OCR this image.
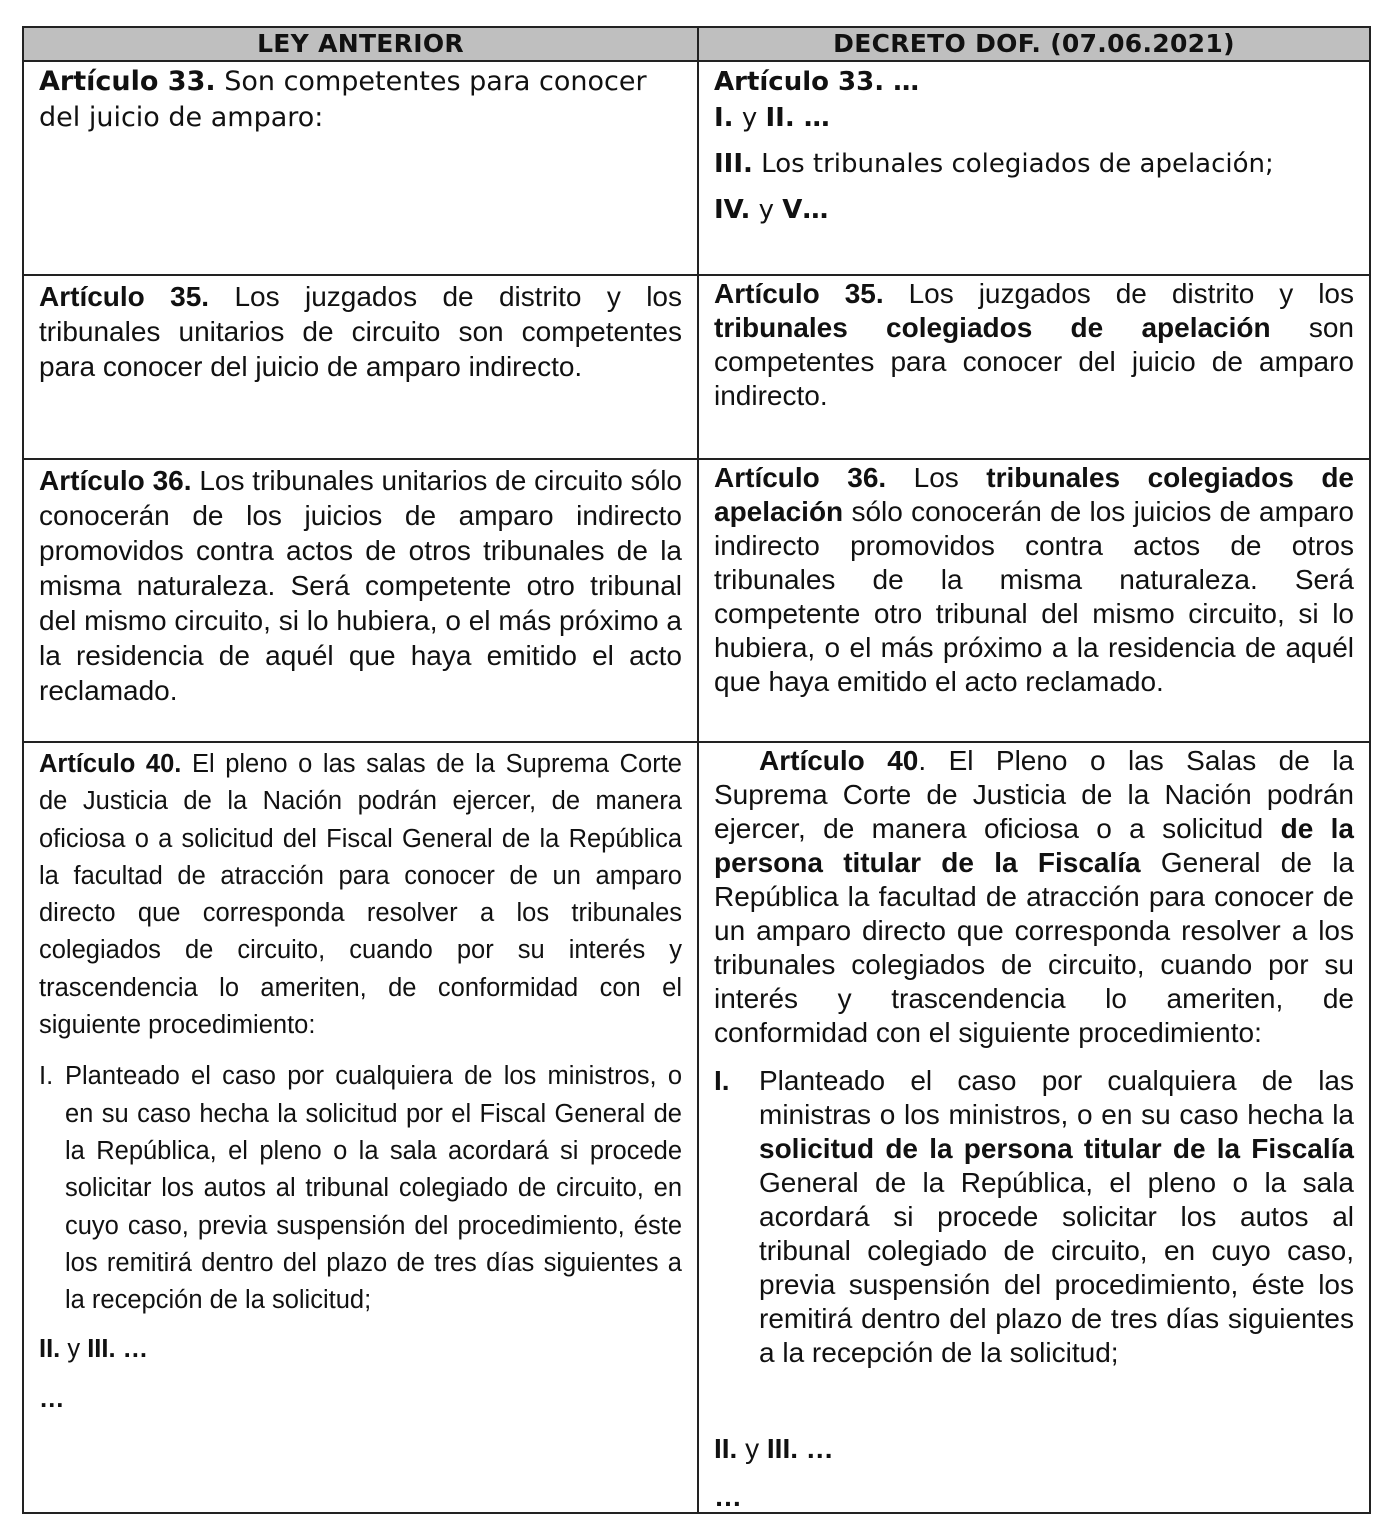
LEY ANTERIOR	DECRETO DOF. (07.06.2021)

Artículo 33. Son competentes para conocer del juicio de amparo:

Artículo 33. …

I. y II. …

III. Los tribunales colegiados de apelación;

IV. y V…

Artículo 35. Los juzgados de distrito y los tribunales unitarios de circuito son competentes para conocer del juicio de amparo indirecto.

Artículo 35. Los juzgados de distrito y los tribunales colegiados de apelación son competentes para conocer del juicio de amparo indirecto.

Artículo 36. Los tribunales unitarios de circuito sólo conocerán de los juicios de amparo indirecto promovidos contra actos de otros tribunales de la misma naturaleza. Será competente otro tribunal del mismo circuito, si lo hubiera, o el más próximo a la residencia de aquél que haya emitido el acto reclamado.

Artículo 36. Los tribunales colegiados de apelación sólo conocerán de los juicios de amparo indirecto promovidos contra actos de otros tribunales de la misma naturaleza. Será competente otro tribunal del mismo circuito, si lo hubiera, o el más próximo a la residencia de aquél que haya emitido el acto reclamado.

Artículo 40. El pleno o las salas de la Suprema Corte de Justicia de la Nación podrán ejercer, de manera oficiosa o a solicitud del Fiscal General de la República la facultad de atracción para conocer de un amparo directo que corresponda resolver a los tribunales colegiados de circuito, cuando por su interés y trascendencia lo ameriten, de conformidad con el siguiente procedimiento:

I. Planteado el caso por cualquiera de los ministros, o en su caso hecha la solicitud por el Fiscal General de la República, el pleno o la sala acordará si procede solicitar los autos al tribunal colegiado de circuito, en cuyo caso, previa suspensión del procedimiento, éste los remitirá dentro del plazo de tres días siguientes a la recepción de la solicitud;

II. y III. …

…

Artículo 40. El Pleno o las Salas de la Suprema Corte de Justicia de la Nación podrán ejercer, de manera oficiosa o a solicitud de la persona titular de la Fiscalía General de la República la facultad de atracción para conocer de un amparo directo que corresponda resolver a los tribunales colegiados de circuito, cuando por su interés y trascendencia lo ameriten, de conformidad con el siguiente procedimiento:

I. Planteado el caso por cualquiera de las ministras o los ministros, o en su caso hecha la solicitud de la persona titular de la Fiscalía General de la República, el pleno o la sala acordará si procede solicitar los autos al tribunal colegiado de circuito, en cuyo caso, previa suspensión del procedimiento, éste los remitirá dentro del plazo de tres días siguientes a la recepción de la solicitud;

II. y III. …

…
